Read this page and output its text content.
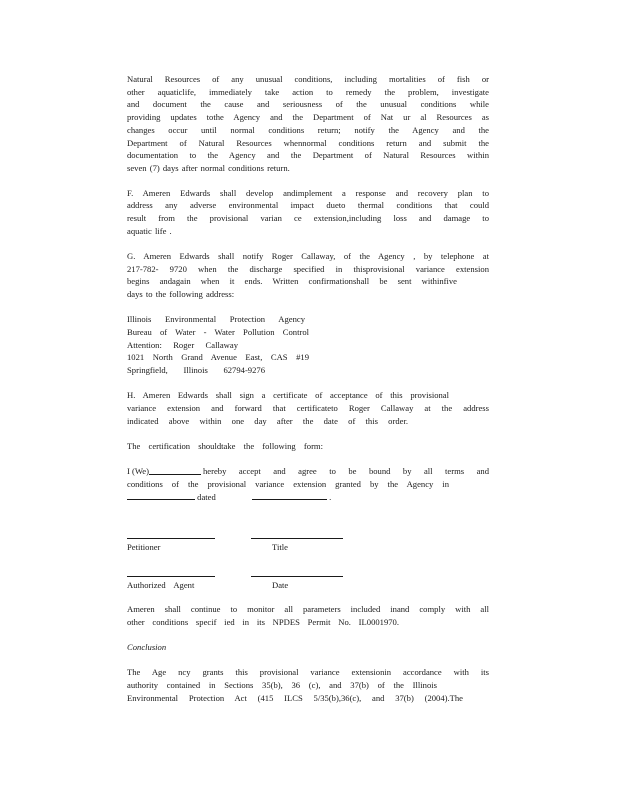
Natural Resources of any unusual conditions, including mortalities of fish or
other aquaticlife, immediately take action to remedy the problem, investigate
and document the cause and seriousness of the unusual conditions while
providing updates tothe Agency and the Department of Nat ur al Resources as
changes occur until normal conditions return; notify the Agency and the
Department of Natural Resources whennormal conditions return and submit the
documentation to the Agency and the Department of Natural Resources within
seven (7) days after normal conditions return.
F. Ameren Edwards shall develop andimplement a response and recovery plan to
address any adverse environmental impact dueto thermal conditions that could
result from the provisional varian ce extension,including loss and damage to
aquatic life .
G. Ameren Edwards shall notify Roger Callaway, of the Agency , by telephone at
217-782- 9720 when the discharge specified in thisprovisional variance extension
begins andagain when it ends. Written confirmationshall be sent withinfive
days to the following address:
Illinois Environmental Protection Agency
Bureau of Water - Water Pollution Control
Attention: Roger Callaway
1021 North Grand Avenue East, CAS #19
Springfield, Illinois 62794-9276
H. Ameren Edwards shall sign a certificate of acceptance of this provisional
variance extension and forward that certificateto Roger Callaway at the address
indicated above within one day after the date of this order.
The certification shouldtake the following form:
I (We)	hereby accept and agree to be bound by all terms and
conditions of the provisional variance extension granted by the Agency in
dated	.
Petitioner	Title
Authorized Agent	Date
Ameren shall continue to monitor all parameters included inand comply with all
other conditions specif ied in its NPDES Permit No. IL0001970.
Conclusion
The Age ncy grants this provisional variance extensionin accordance with its
authority contained in Sections 35(b), 36 (c), and 37(b) of the Illinois
Environmental Protection Act (415 ILCS 5/35(b),36(c), and 37(b) (2004).The
